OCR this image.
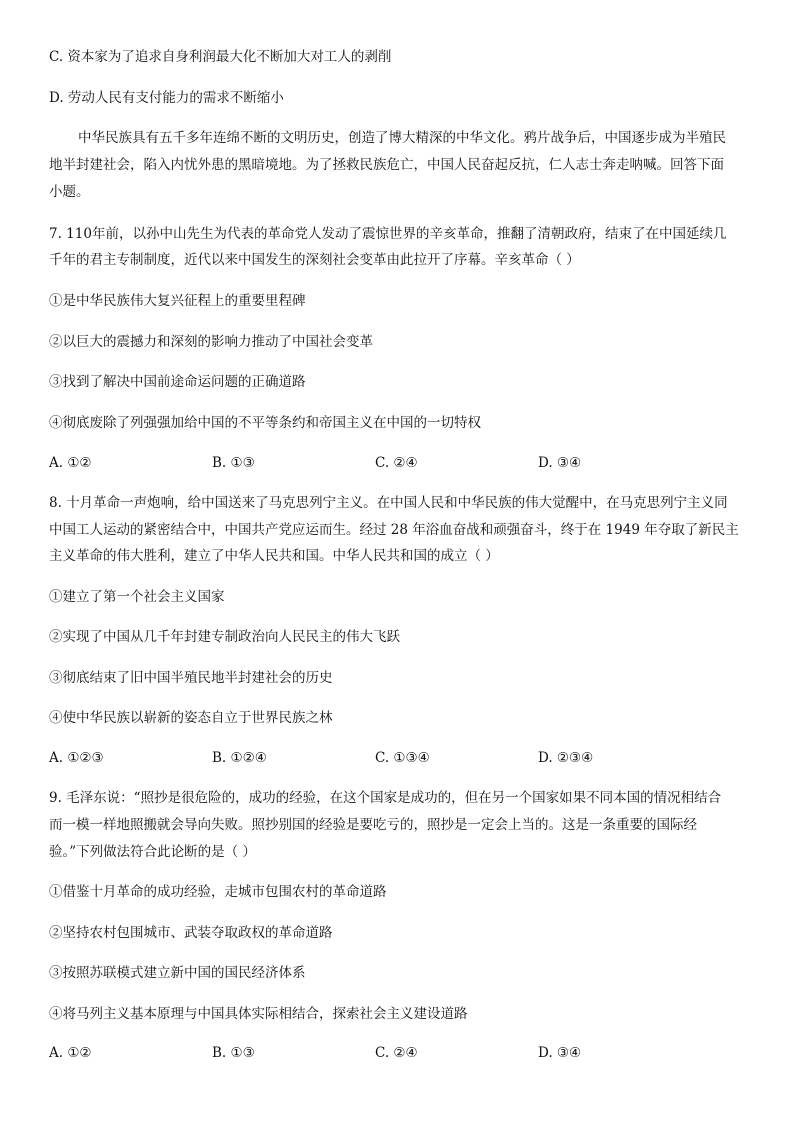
C. 资本家为了追求自身利润最大化不断加大对工人的剥削
D. 劳动人民有支付能力的需求不断缩小
中华民族具有五千多年连绵不断的文明历史，创造了博大精深的中华文化。鸦片战争后，中国逐步成为半殖民
地半封建社会，陷入内忧外患的黑暗境地。为了拯救民族危亡，中国人民奋起反抗，仁人志士奔走呐喊。回答下面
小题。
7. 110年前，以孙中山先生为代表的革命党人发动了震惊世界的辛亥革命，推翻了清朝政府，结束了在中国延续几
千年的君主专制制度，近代以来中国发生的深刻社会变革由此拉开了序幕。辛亥革命（ ）
①是中华民族伟大复兴征程上的重要里程碑
②以巨大的震撼力和深刻的影响力推动了中国社会变革
③找到了解决中国前途命运问题的正确道路
④彻底废除了列强强加给中国的不平等条约和帝国主义在中国的一切特权
A. ①②	B. ①③	C. ②④	D. ③④
8. 十月革命一声炮响，给中国送来了马克思列宁主义。在中国人民和中华民族的伟大觉醒中，在马克思列宁主义同
中国工人运动的紧密结合中，中国共产党应运而生。经过 28 年浴血奋战和顽强奋斗，终于在 1949 年夺取了新民主
主义革命的伟大胜利，建立了中华人民共和国。中华人民共和国的成立（ ）
①建立了第一个社会主义国家
②实现了中国从几千年封建专制政治向人民民主的伟大飞跃
③彻底结束了旧中国半殖民地半封建社会的历史
④使中华民族以崭新的姿态自立于世界民族之林
A. ①②③	B. ①②④	C. ①③④	D. ②③④
9. 毛泽东说：“照抄是很危险的，成功的经验，在这个国家是成功的，但在另一个国家如果不同本国的情况相结合
而一模一样地照搬就会导向失败。照抄别国的经验是要吃亏的，照抄是一定会上当的。这是一条重要的国际经
验。”下列做法符合此论断的是（ ）
①借鉴十月革命的成功经验，走城市包围农村的革命道路
②坚持农村包围城市、武装夺取政权的革命道路
③按照苏联模式建立新中国的国民经济体系
④将马列主义基本原理与中国具体实际相结合，探索社会主义建设道路
A. ①②	B. ①③	C. ②④	D. ③④
